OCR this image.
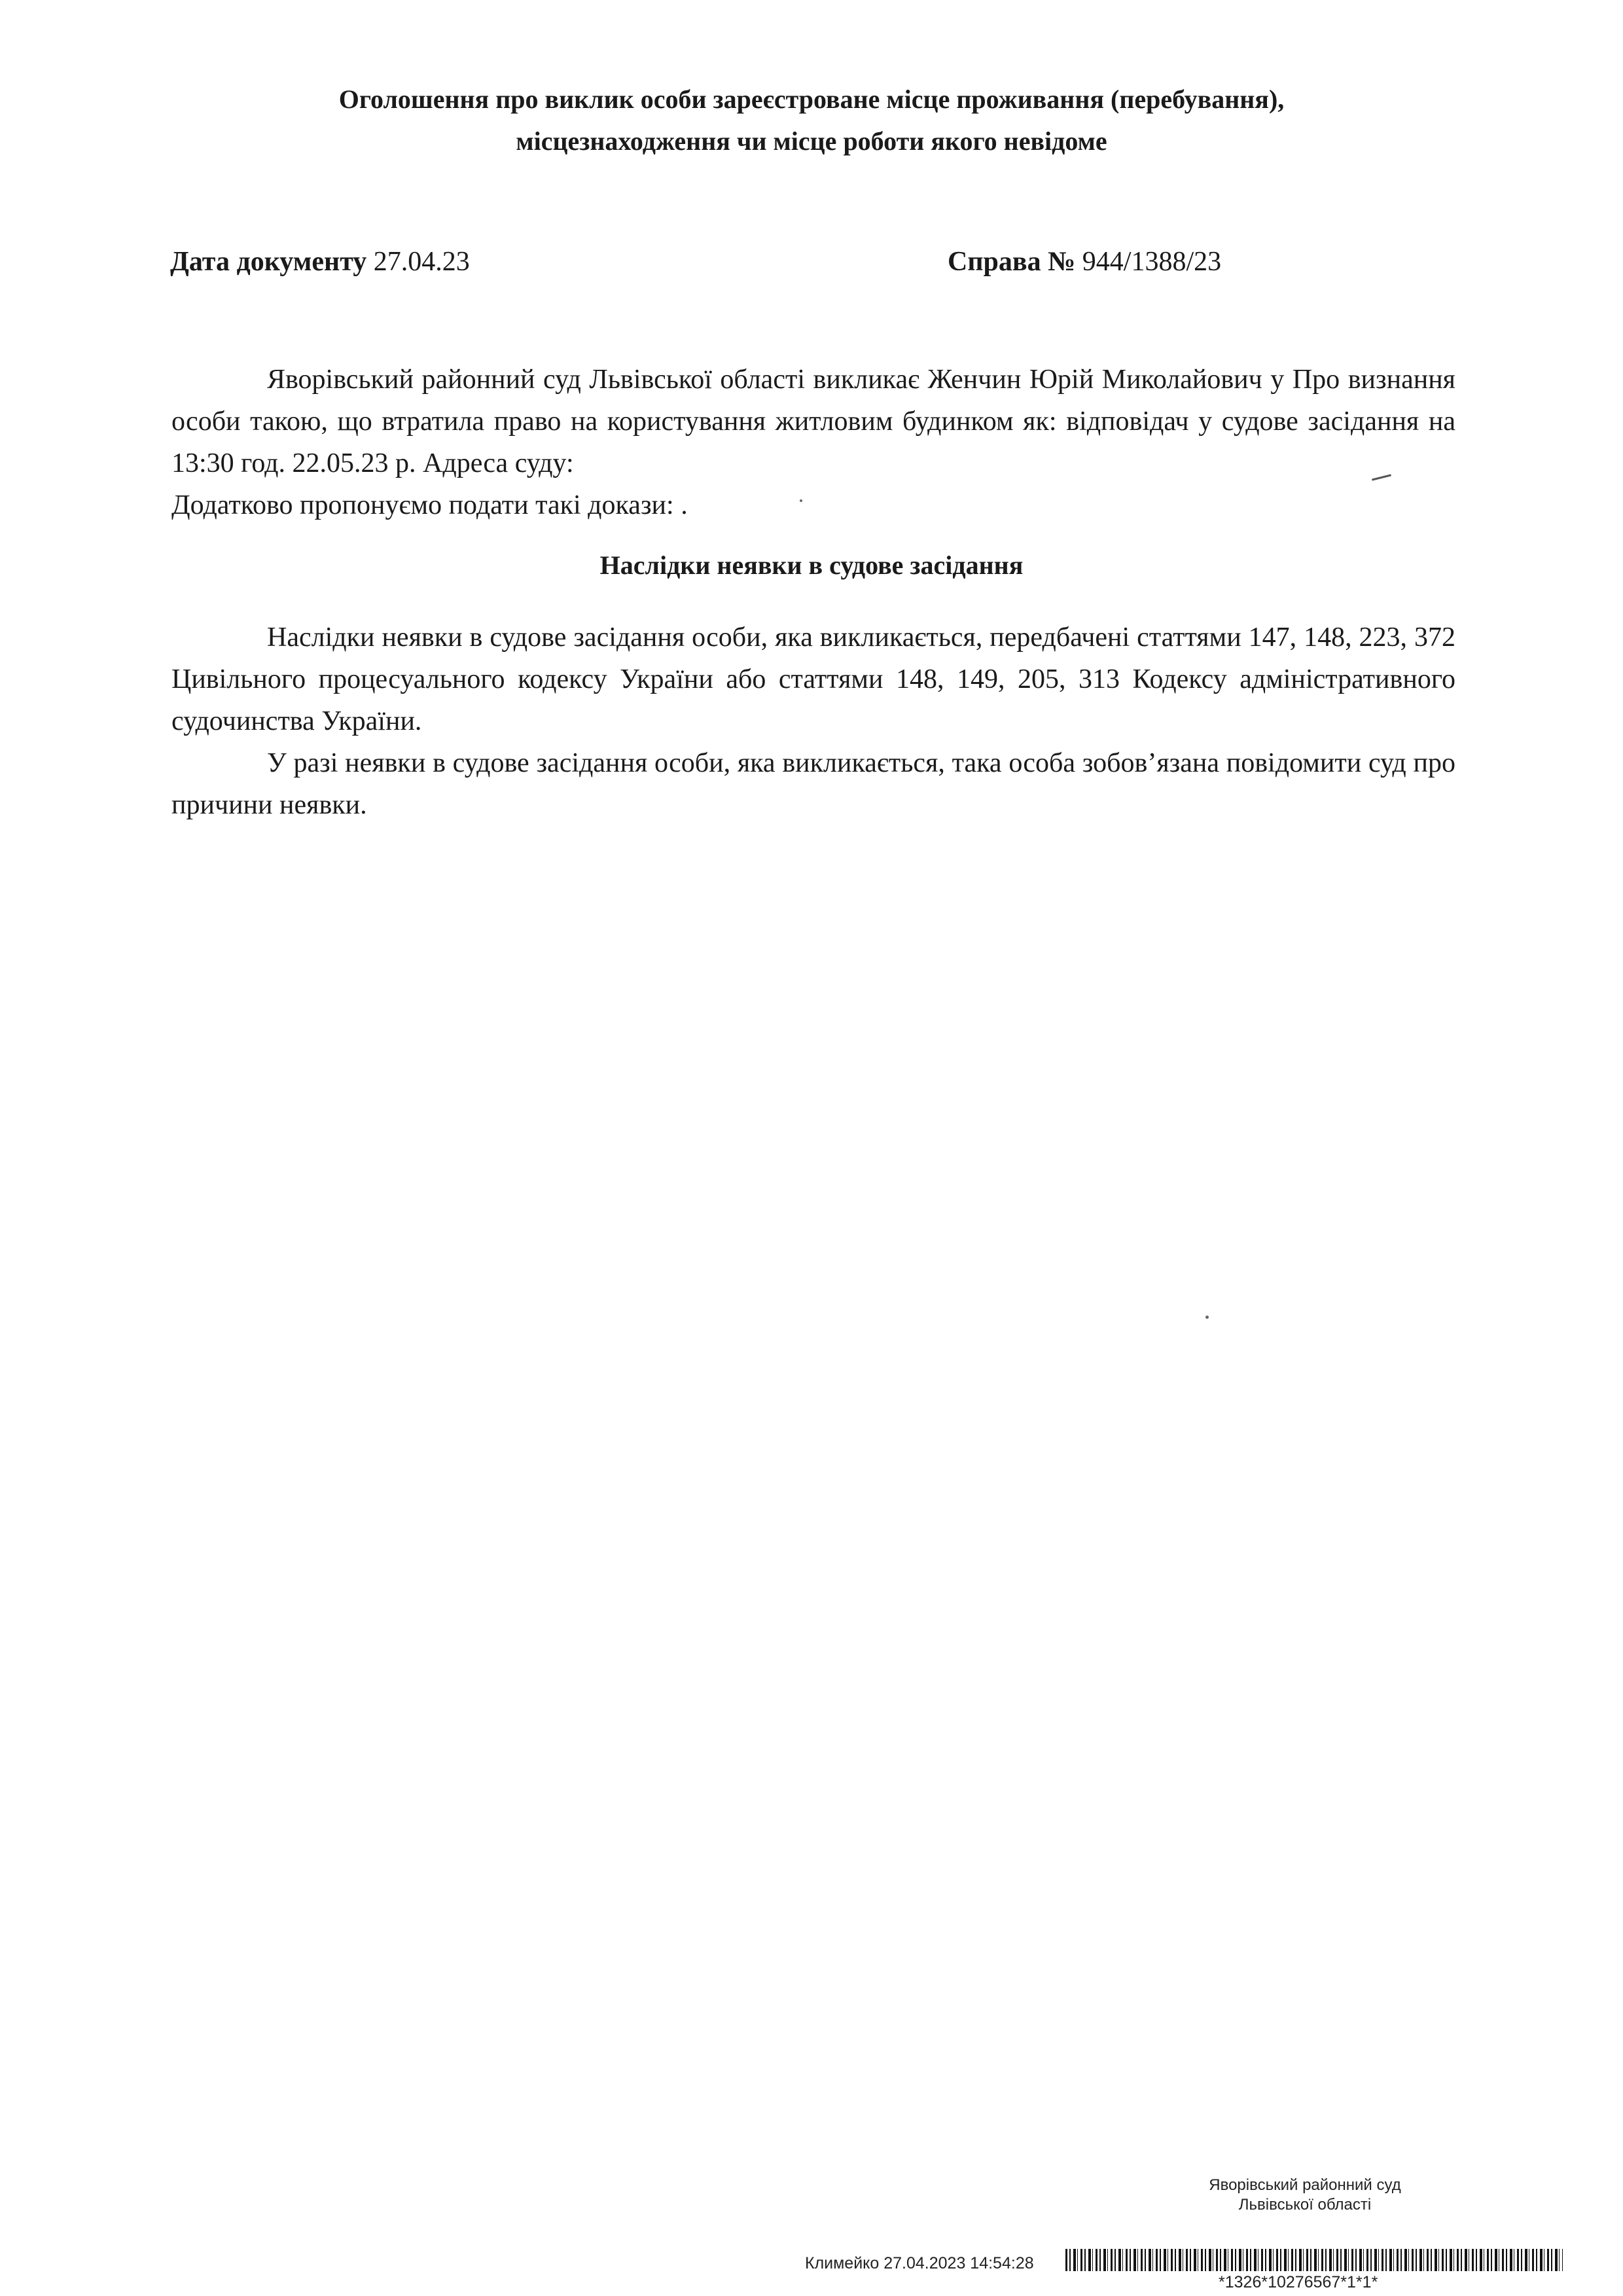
Оголошення про виклик особи зареєстроване місце проживання (перебування),
місцезнаходження чи місце роботи якого невідоме
Дата документу 27.04.23	Справа № 944/1388/23

Яворівський районний суд Львівської області викликає Женчин Юрій Миколайович у Про визнання особи такою, що втратила право на користування житловим будинком як: відповідач у судове засідання на 13:30 год. 22.05.23 р. Адреса суду:

Додатково пропонуємо подати такі докази: .

Наслідки неявки в судове засідання

Наслідки неявки в судове засідання особи, яка викликається, передбачені статтями 147, 148, 223, 372 Цивільного процесуального кодексу України або статтями 148, 149, 205, 313 Кодексу адміністративного судочинства України.

У разі неявки в судове засідання особи, яка викликається, така особа зобов’язана повідомити суд про причини неявки.

Яворівський районний суд
Львівської області
Климейко 27.04.2023 14:54:28
*1326*10276567*1*1*
